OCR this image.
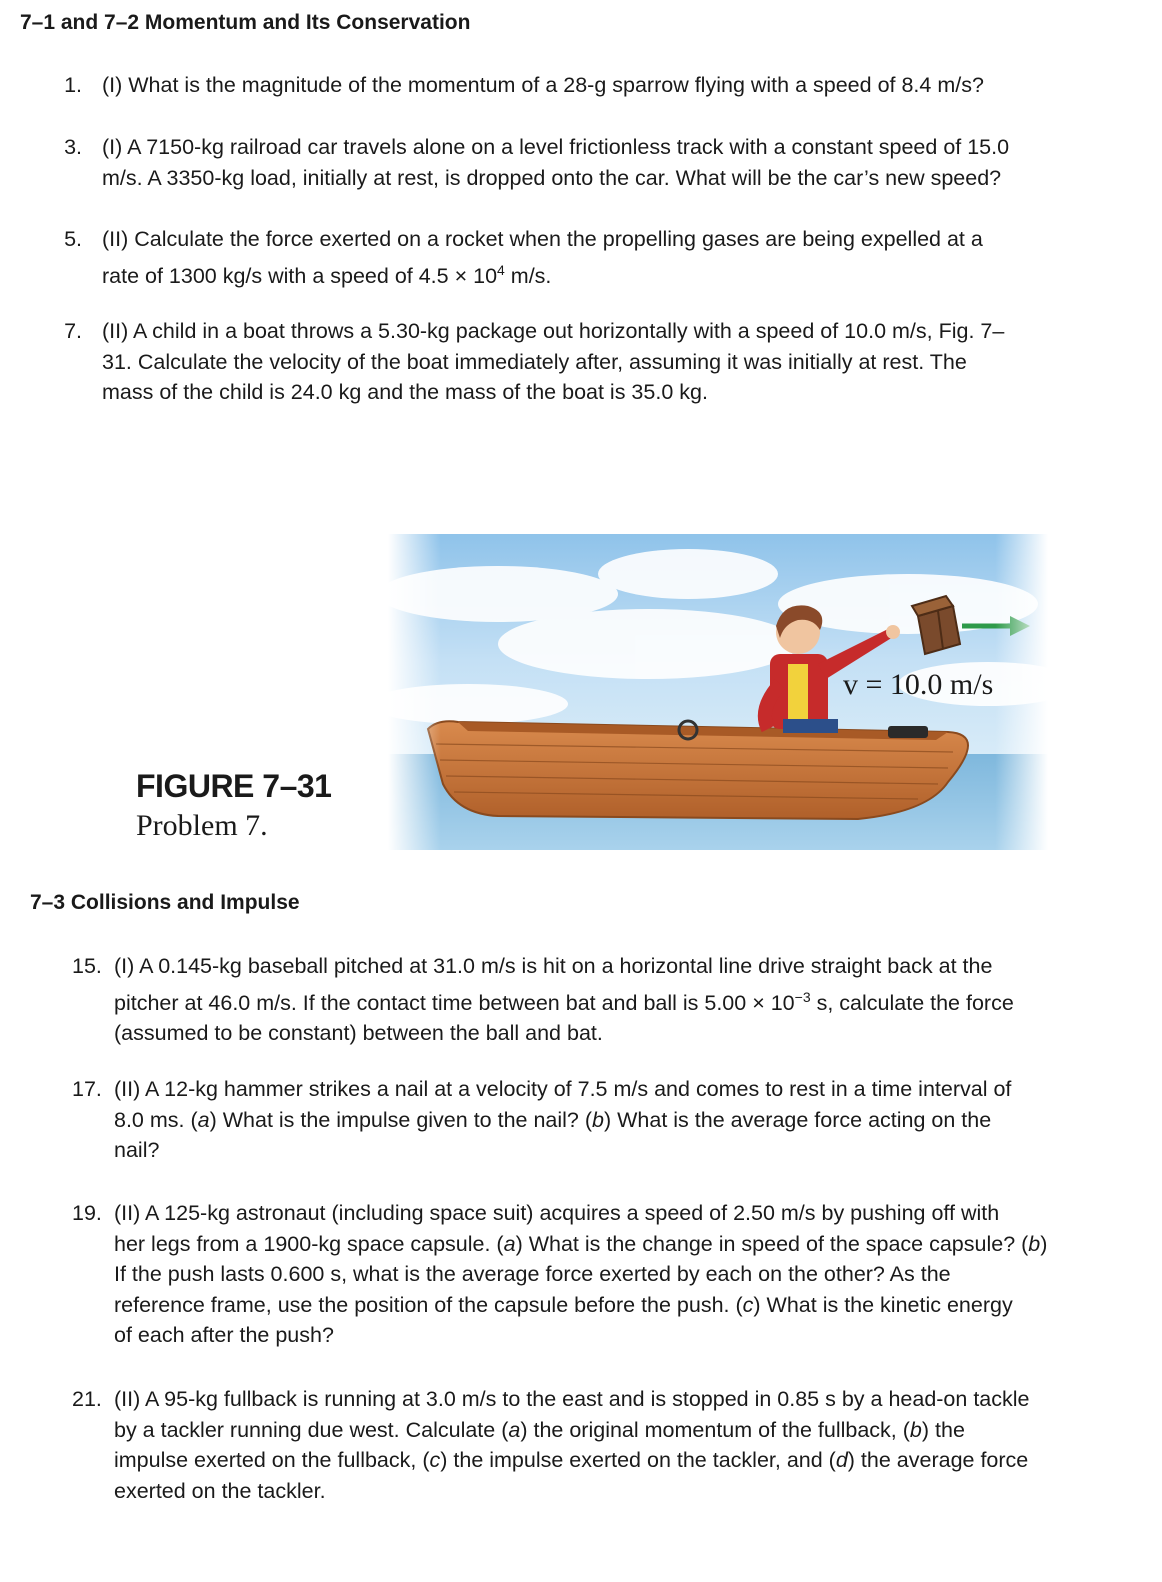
7–1 and 7–2 Momentum and Its Conservation
1. (I) What is the magnitude of the momentum of a 28-g sparrow flying with a speed of 8.4 m/s?
3. (I) A 7150-kg railroad car travels alone on a level frictionless track with a constant speed of 15.0
m/s. A 3350-kg load, initially at rest, is dropped onto the car. What will be the car’s new speed?
5. (II) Calculate the force exerted on a rocket when the propelling gases are being expelled at a
rate of 1300 kg/s with a speed of $4.5 \times 10^4$ m/s.
7. (II) A child in a boat throws a 5.30-kg package out horizontally with a speed of 10.0 m/s, Fig. 7–
31. Calculate the velocity of the boat immediately after, assuming it was initially at rest. The
mass of the child is 24.0 kg and the mass of the boat is 35.0 kg.
FIGURE 7–31
Problem 7.
7–3 Collisions and Impulse
15. (I) A 0.145-kg baseball pitched at 31.0 m/s is hit on a horizontal line drive straight back at the
pitcher at 46.0 m/s. If the contact time between bat and ball is $5.00 \times 10^{-3}$ s, calculate the force
(assumed to be constant) between the ball and bat.
17. (II) A 12-kg hammer strikes a nail at a velocity of 7.5 m/s and comes to rest in a time interval of
8.0 ms. (a) What is the impulse given to the nail? (b) What is the average force acting on the
nail?
19. (II) A 125-kg astronaut (including space suit) acquires a speed of 2.50 m/s by pushing off with
her legs from a 1900-kg space capsule. (a) What is the change in speed of the space capsule? (b)
If the push lasts 0.600 s, what is the average force exerted by each on the other? As the
reference frame, use the position of the capsule before the push. (c) What is the kinetic energy
of each after the push?
21. (II) A 95-kg fullback is running at 3.0 m/s to the east and is stopped in 0.85 s by a head-on tackle
by a tackler running due west. Calculate (a) the original momentum of the fullback, (b) the
impulse exerted on the fullback, (c) the impulse exerted on the tackler, and (d) the average force
exerted on the tackler.
